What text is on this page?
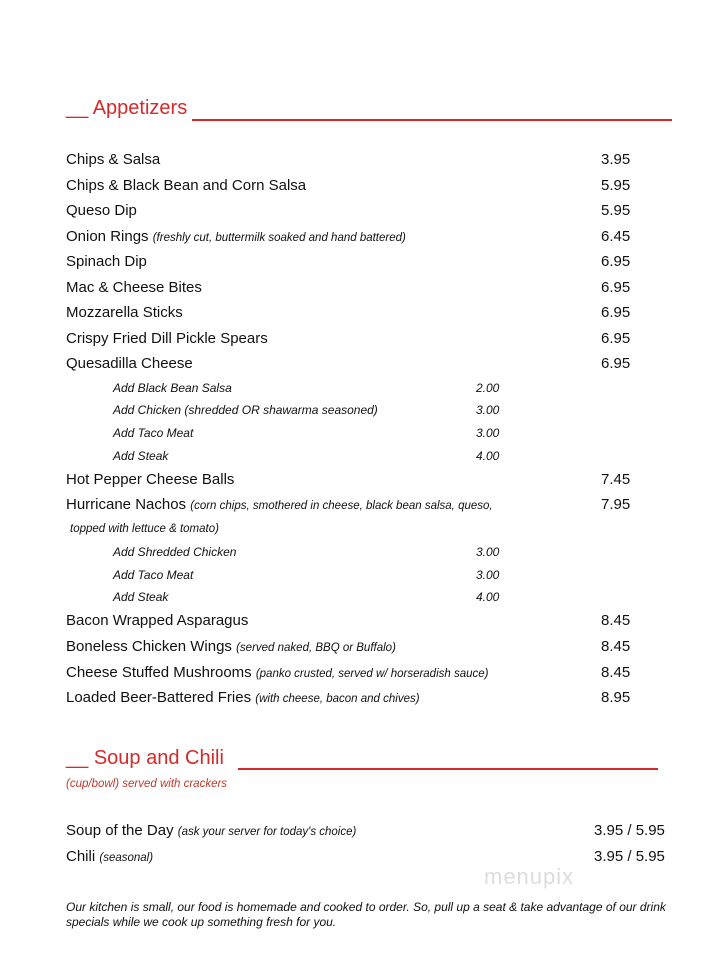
__ Appetizers
Chips & Salsa	3.95
Chips & Black Bean and Corn Salsa	5.95
Queso Dip	5.95
Onion Rings (freshly cut, buttermilk soaked and hand battered)	6.45
Spinach Dip	6.95
Mac & Cheese Bites	6.95
Mozzarella Sticks	6.95
Crispy Fried Dill Pickle Spears	6.95
Quesadilla Cheese	6.95
Add Black Bean Salsa	2.00
Add Chicken (shredded OR shawarma seasoned)	3.00
Add Taco Meat	3.00
Add Steak	4.00
Hot Pepper Cheese Balls	7.45
Hurricane Nachos (corn chips, smothered in cheese, black bean salsa, queso,	7.95
topped with lettuce & tomato)
Add Shredded Chicken	3.00
Add Taco Meat	3.00
Add Steak	4.00
Bacon Wrapped Asparagus	8.45
Boneless Chicken Wings (served naked, BBQ or Buffalo)	8.45
Cheese Stuffed Mushrooms (panko crusted, served w/ horseradish sauce)	8.45
Loaded Beer-Battered Fries (with cheese, bacon and chives)	8.95
__ Soup and Chili
(cup/bowl) served with crackers
Soup of the Day (ask your server for today's choice)	3.95 / 5.95
Chili (seasonal)	3.95 / 5.95
menupix
Our kitchen is small, our food is homemade and cooked to order. So, pull up a seat & take advantage of our drink specials while we cook up something fresh for you.
